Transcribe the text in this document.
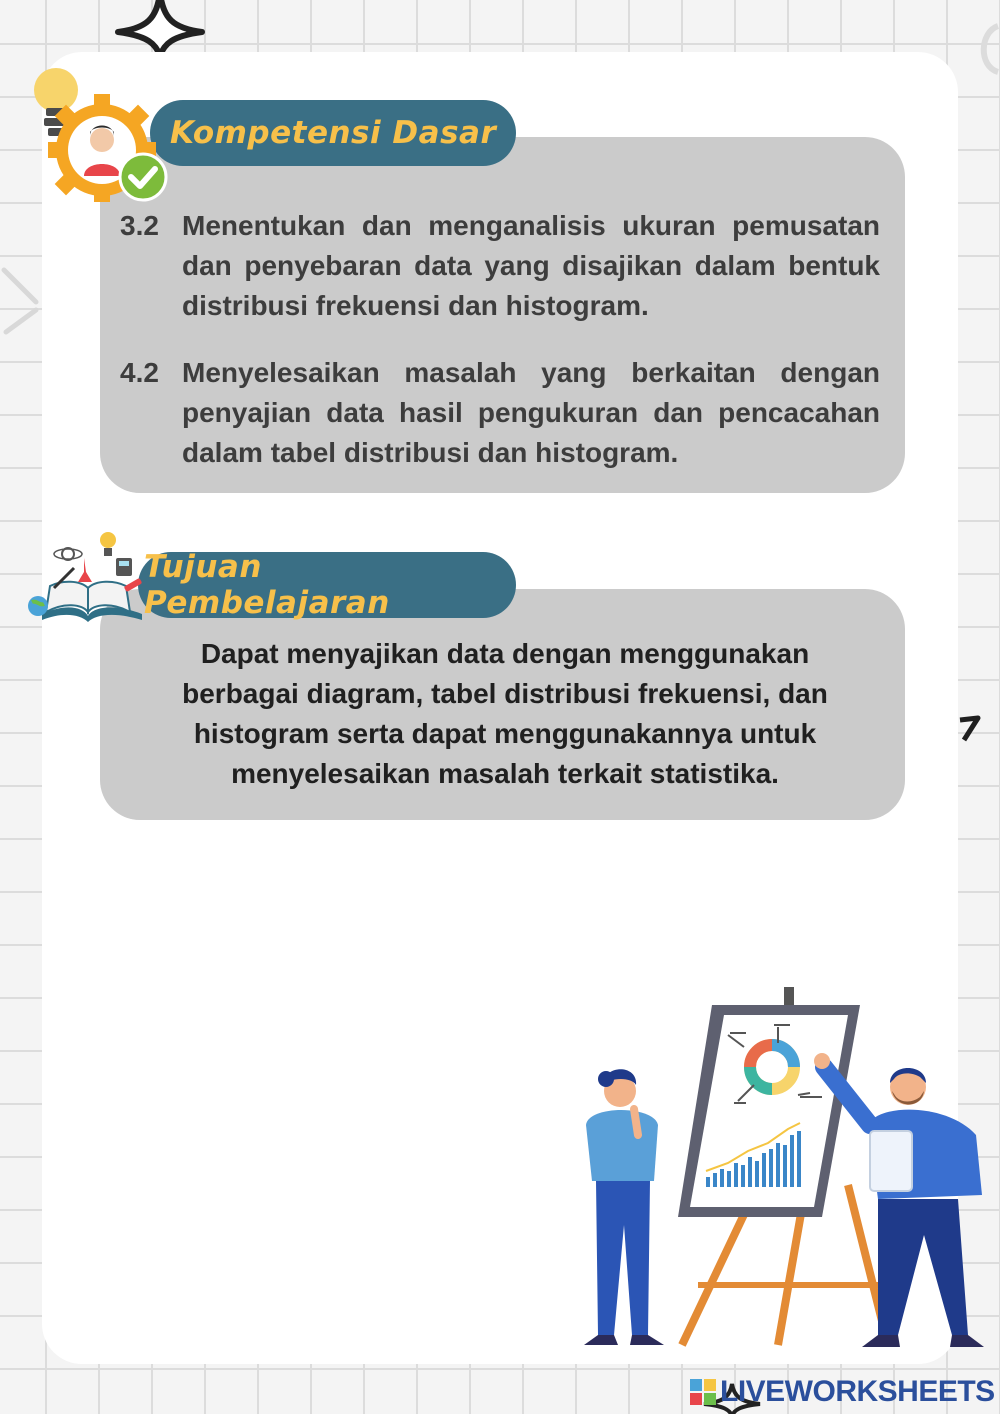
Kompetensi Dasar
3.2 Menentukan dan menganalisis ukuran pemusatan dan penyebaran data yang disajikan dalam bentuk distribusi frekuensi dan histogram.
4.2 Menyelesaikan masalah yang berkaitan dengan penyajian data hasil pengukuran dan pencacahan dalam tabel distribusi dan histogram.
Tujuan Pembelajaran
Dapat menyajikan data dengan menggunakan berbagai diagram, tabel distribusi frekuensi, dan histogram serta dapat menggunakannya untuk menyelesaikan masalah terkait statistika.
LIVEWORKSHEETS
